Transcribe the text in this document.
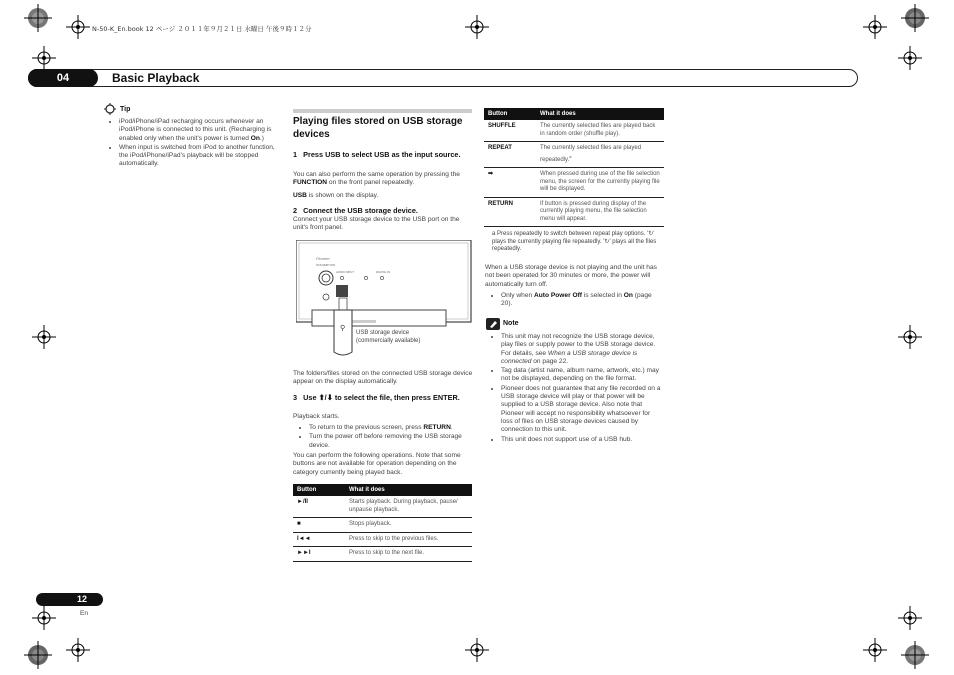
N-50-K_En.book 12 ページ ２０１１年９月２１日 水曜日 午後９時１２分
04	Basic Playback
Tip
• iPod/iPhone/iPad recharging occurs whenever an iPod/iPhone is connected to this unit. (Recharging is enabled only when the unit's power is turned On.)
• When input is switched from iPod to another function, the iPod/iPhone/iPad's playback will be stopped automatically.
Playing files stored on USB storage devices
1 Press USB to select USB as the input source.
You can also perform the same operation by pressing the FUNCTION on the front panel repeatedly.
USB is shown on the display.
2 Connect the USB storage device.
Connect your USB storage device to the USB port on the unit's front panel.
STANDBY/ON
AUDIO INPUT	DIGITAL IN
Pioneer
⚲
USB storage device (commercially available)
The folders/files stored on the connected USB storage device appear on the display automatically.
3 Use ⬆/⬇ to select the file, then press ENTER.
Playback starts.
• To return to the previous screen, press RETURN.
• Turn the power off before removing the USB storage device.
You can perform the following operations. Note that some buttons are not available for operation depending on the category currently being played back.
Button	What it does
►/II	Starts playback. During playback, pause/ unpause playback.
■	Stops playback.
I◄◄	Press to skip to the previous files.
►►I	Press to skip to the next file.
Button	What it does
SHUFFLE	The currently selected files are played back in random order (shuffle play).
REPEAT	The currently selected files are played repeatedly.$^a$
➡	When pressed during use of the file selection menu, the screen for the currently playing file will be displayed.
RETURN	If button is pressed during display of the currently playing menu, the file selection menu will appear.
a Press repeatedly to switch between repeat play options. '↻' plays the currently playing file repeatedly. '↻' plays all the files repeatedly.
When a USB storage device is not playing and the unit has not been operated for 30 minutes or more, the power will automatically turn off.
• Only when Auto Power Off is selected in On (page 20).
Note
• This unit may not recognize the USB storage device, play files or supply power to the USB storage device. For details, see When a USB storage device is connected on page 22.
• Tag data (artist name, album name, artwork, etc.) may not be displayed, depending on the file format.
• Pioneer does not guarantee that any file recorded on a USB storage device will play or that power will be supplied to a USB storage device. Also note that Pioneer will accept no responsibility whatsoever for loss of files on USB storage devices caused by connection to this unit.
• This unit does not support use of a USB hub.
12
En
